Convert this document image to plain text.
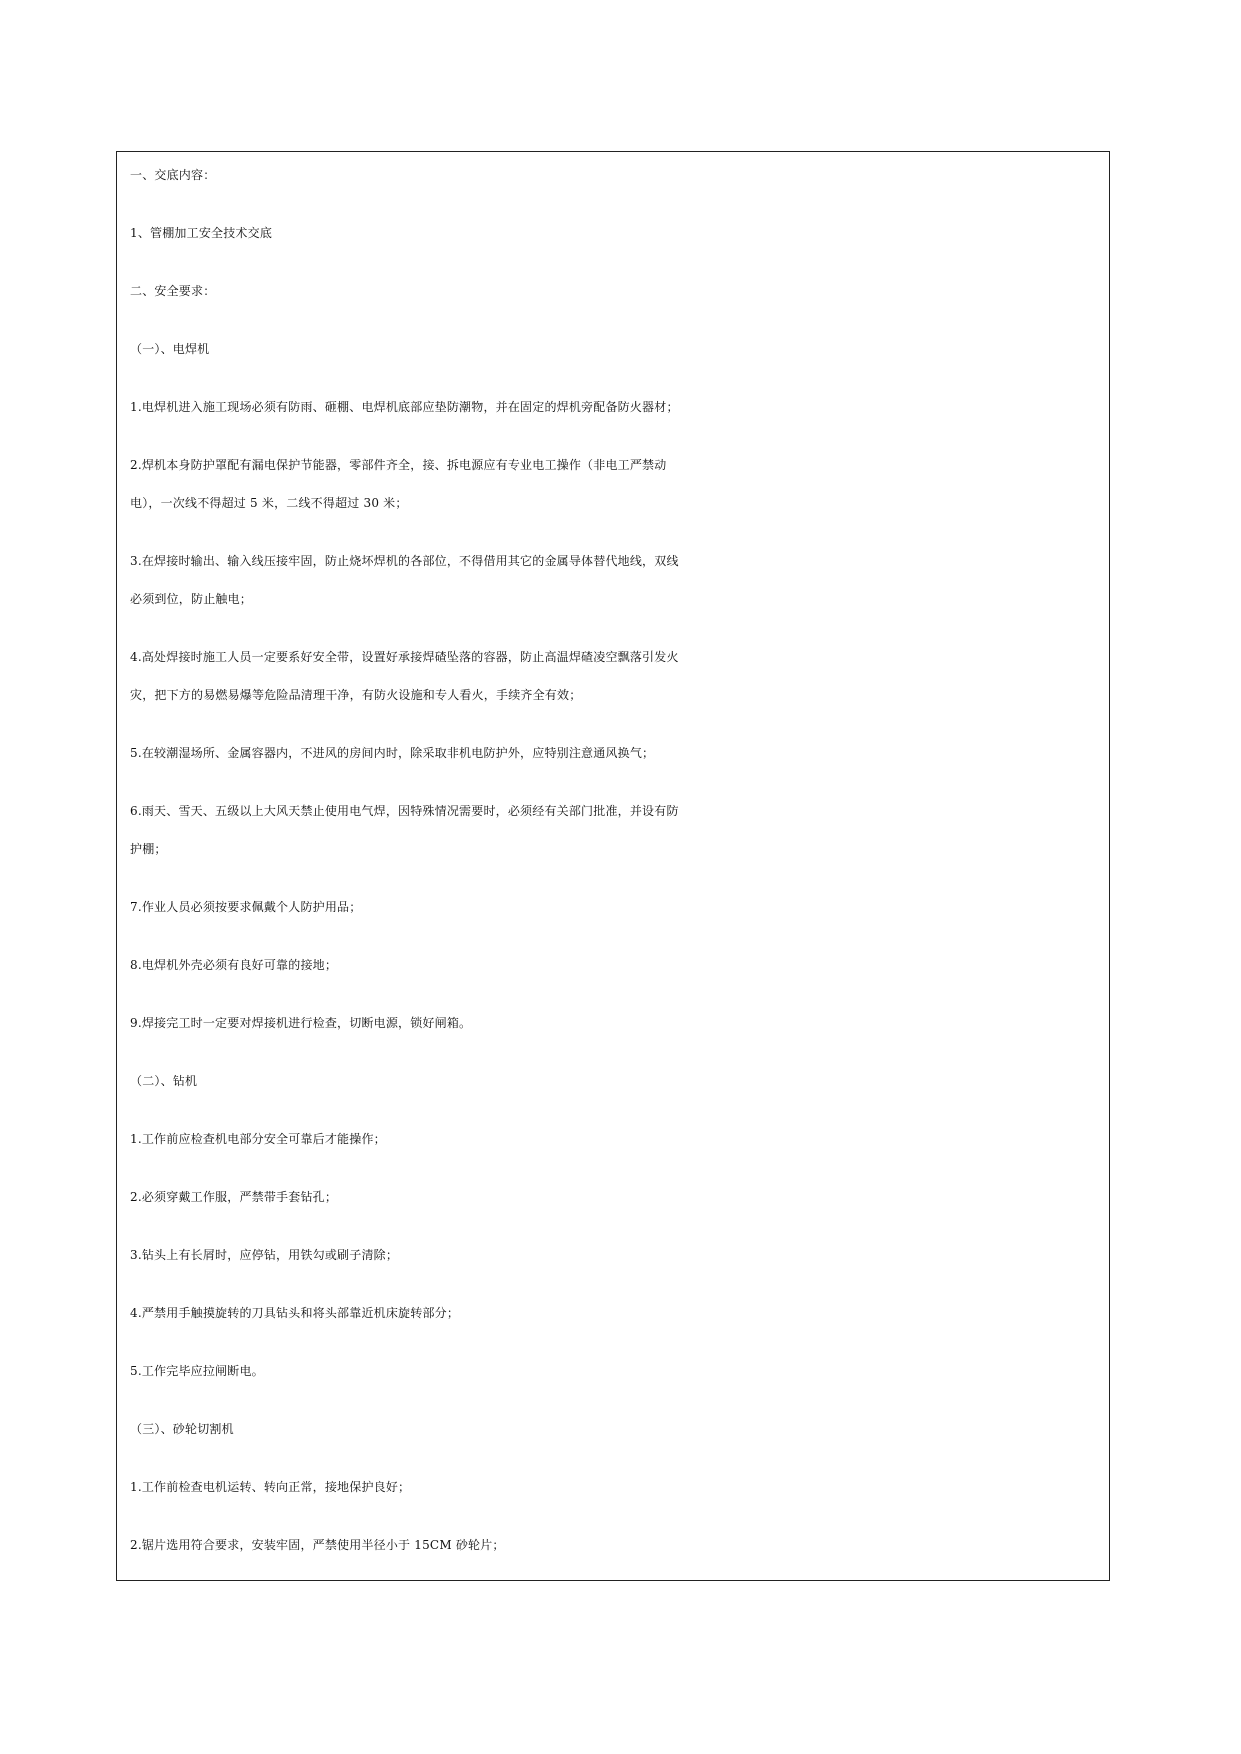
一、交底内容：

1、管棚加工安全技术交底

二、安全要求：

（一）、电焊机

1.电焊机进入施工现场必须有防雨、砸棚、电焊机底部应垫防潮物，并在固定的焊机旁配备防火器材；

2.焊机本身防护罩配有漏电保护节能器，零部件齐全，接、拆电源应有专业电工操作（非电工严禁动

电），一次线不得超过 5 米，二线不得超过 30 米；

3.在焊接时输出、输入线压接牢固，防止烧坏焊机的各部位，不得借用其它的金属导体替代地线，双线

必须到位，防止触电；

4.高处焊接时施工人员一定要系好安全带，设置好承接焊碴坠落的容器，防止高温焊碴凌空飘落引发火

灾，把下方的易燃易爆等危险品清理干净，有防火设施和专人看火，手续齐全有效；

5.在较潮湿场所、金属容器内，不进风的房间内时，除采取非机电防护外，应特别注意通风换气；

6.雨天、雪天、五级以上大风天禁止使用电气焊，因特殊情况需要时，必须经有关部门批准，并设有防

护棚；

7.作业人员必须按要求佩戴个人防护用品；

8.电焊机外壳必须有良好可靠的接地；

9.焊接完工时一定要对焊接机进行检查，切断电源，锁好闸箱。

（二）、钻机

1.工作前应检查机电部分安全可靠后才能操作；

2.必须穿戴工作服，严禁带手套钻孔；

3.钻头上有长屑时，应停钻，用铁勾或刷子清除；

4.严禁用手触摸旋转的刀具钻头和将头部靠近机床旋转部分；

5.工作完毕应拉闸断电。

（三）、砂轮切割机

1.工作前检查电机运转、转向正常，接地保护良好；

2.锯片选用符合要求，安装牢固，严禁使用半径小于 15CM 砂轮片；
